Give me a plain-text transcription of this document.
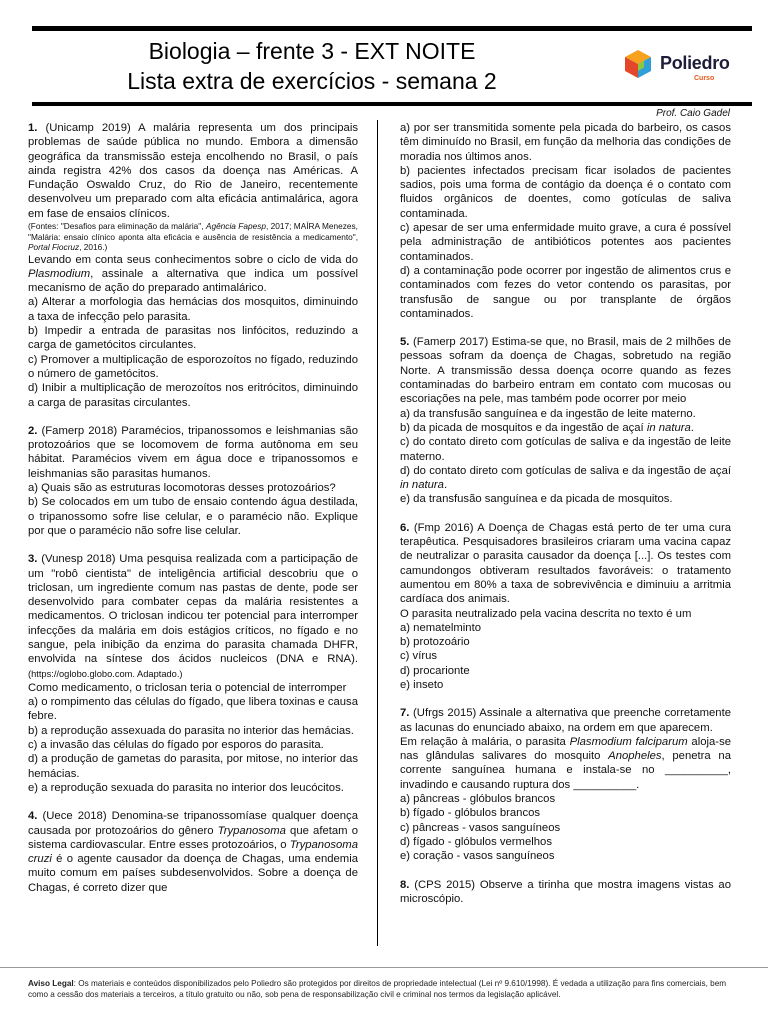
Biologia – frente 3 - EXT NOITE
Lista extra de exercícios - semana 2
Poliedro
Curso
Prof. Caio Gadel

1. (Unicamp 2019) A malária representa um dos principais problemas de saúde pública no mundo. Embora a dimensão geográfica da transmissão esteja encolhendo no Brasil, o país ainda registra 42% dos casos da doença nas Américas. A Fundação Oswaldo Cruz, do Rio de Janeiro, recentemente desenvolveu um preparado com alta eficácia antimalárica, agora em fase de ensaios clínicos.

(Fontes: "Desafios para eliminação da malária", Agência Fapesp, 2017; MAÍRA Menezes, "Malária: ensaio clínico aponta alta eficácia e ausência de resistência a medicamento", Portal Fiocruz, 2016.)

Levando em conta seus conhecimentos sobre o ciclo de vida do Plasmodium, assinale a alternativa que indica um possível mecanismo de ação do preparado antimalárico.

a) Alterar a morfologia das hemácias dos mosquitos, diminuindo a taxa de infecção pelo parasita.
b) Impedir a entrada de parasitas nos linfócitos, reduzindo a carga de gametócitos circulantes.
c) Promover a multiplicação de esporozoítos no fígado, reduzindo o número de gametócitos.
d) Inibir a multiplicação de merozoítos nos eritrócitos, diminuindo a carga de parasitas circulantes.

2. (Famerp 2018) Paramécios, tripanossomos e leishmanias são protozoários que se locomovem de forma autônoma em seu hábitat. Paramécios vivem em água doce e tripanossomos e leishmanias são parasitas humanos.

a) Quais são as estruturas locomotoras desses protozoários?
b) Se colocados em um tubo de ensaio contendo água destilada, o tripanossomo sofre lise celular, e o paramécio não. Explique por que o paramécio não sofre lise celular.

3. (Vunesp 2018) Uma pesquisa realizada com a participação de um "robô cientista" de inteligência artificial descobriu que o triclosan, um ingrediente comum nas pastas de dente, pode ser desenvolvido para combater cepas da malária resistentes a medicamentos. O triclosan indicou ter potencial para interromper infecções da malária em dois estágios críticos, no fígado e no sangue, pela inibição da enzima do parasita chamada DHFR, envolvida na síntese dos ácidos nucleicos (DNA e RNA). (https://oglobo.globo.com. Adaptado.)

Como medicamento, o triclosan teria o potencial de interromper

a) o rompimento das células do fígado, que libera toxinas e causa febre.
b) a reprodução assexuada do parasita no interior das hemácias.
c) a invasão das células do fígado por esporos do parasita.
d) a produção de gametas do parasita, por mitose, no interior das hemácias.
e) a reprodução sexuada do parasita no interior dos leucócitos.

4. (Uece 2018) Denomina-se tripanossomíase qualquer doença causada por protozoários do gênero Trypanosoma que afetam o sistema cardiovascular. Entre esses protozoários, o Trypanosoma cruzi é o agente causador da doença de Chagas, uma endemia muito comum em países subdesenvolvidos. Sobre a doença de Chagas, é correto dizer que

a) por ser transmitida somente pela picada do barbeiro, os casos têm diminuído no Brasil, em função da melhoria das condições de moradia nos últimos anos.
b) pacientes infectados precisam ficar isolados de pacientes sadios, pois uma forma de contágio da doença é o contato com fluidos orgânicos de doentes, como gotículas de saliva contaminada.
c) apesar de ser uma enfermidade muito grave, a cura é possível pela administração de antibióticos potentes aos pacientes contaminados.
d) a contaminação pode ocorrer por ingestão de alimentos crus e contaminados com fezes do vetor contendo os parasitas, por transfusão de sangue ou por transplante de órgãos contaminados.

5. (Famerp 2017) Estima-se que, no Brasil, mais de 2 milhões de pessoas sofram da doença de Chagas, sobretudo na região Norte. A transmissão dessa doença ocorre quando as fezes contaminadas do barbeiro entram em contato com mucosas ou escoriações na pele, mas também pode ocorrer por meio

a) da transfusão sanguínea e da ingestão de leite materno.
b) da picada de mosquitos e da ingestão de açaí in natura.
c) do contato direto com gotículas de saliva e da ingestão de leite materno.
d) do contato direto com gotículas de saliva e da ingestão de açaí in natura.
e) da transfusão sanguínea e da picada de mosquitos.

6. (Fmp 2016) A Doença de Chagas está perto de ter uma cura terapêutica. Pesquisadores brasileiros criaram uma vacina capaz de neutralizar o parasita causador da doença [...]. Os testes com camundongos obtiveram resultados favoráveis: o tratamento aumentou em 80% a taxa de sobrevivência e diminuiu a arritmia cardíaca dos animais.

O parasita neutralizado pela vacina descrita no texto é um

a) nematelminto
b) protozoário
c) vírus
d) procarionte
e) inseto

7. (Ufrgs 2015) Assinale a alternativa que preenche corretamente as lacunas do enunciado abaixo, na ordem em que aparecem.

Em relação à malária, o parasita Plasmodium falciparum aloja-se nas glândulas salivares do mosquito Anopheles, penetra na corrente sanguínea humana e instala-se no __________, invadindo e causando ruptura dos __________.

a) pâncreas - glóbulos brancos
b) fígado - glóbulos brancos
c) pâncreas - vasos sanguíneos
d) fígado - glóbulos vermelhos
e) coração - vasos sanguíneos

8. (CPS 2015) Observe a tirinha que mostra imagens vistas ao microscópio.

Aviso Legal: Os materiais e conteúdos disponibilizados pelo Poliedro são protegidos por direitos de propriedade intelectual (Lei nº 9.610/1998). É vedada a utilização para fins comerciais, bem como a cessão dos materiais a terceiros, a título gratuito ou não, sob pena de responsabilização civil e criminal nos termos da legislação aplicável.
